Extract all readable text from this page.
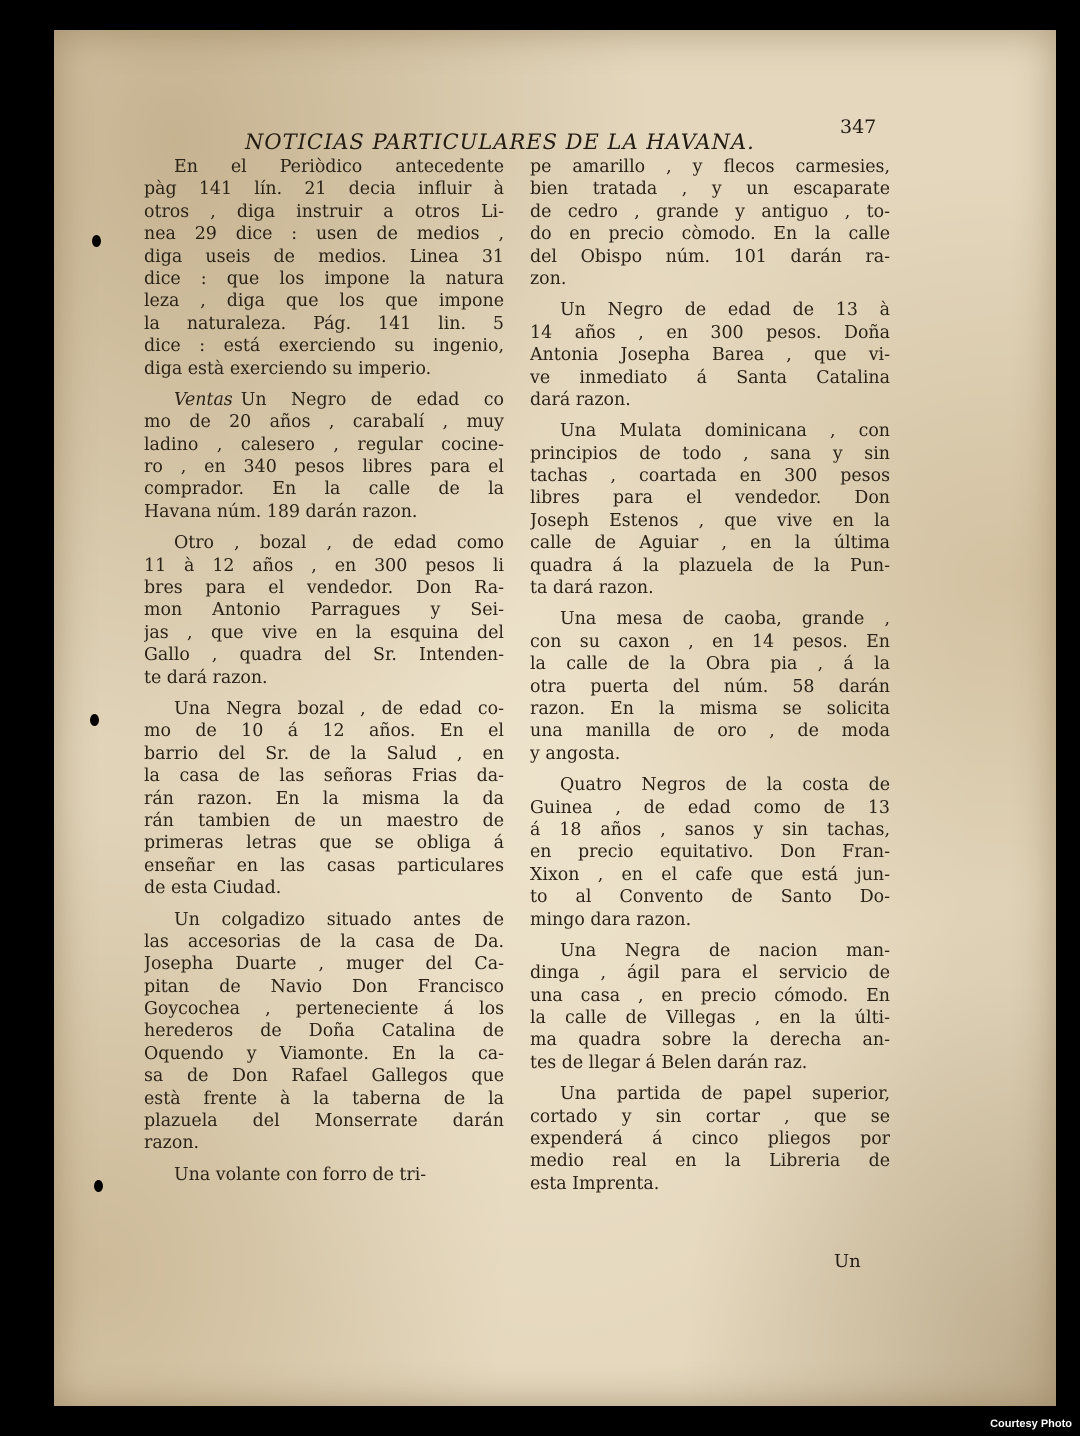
NOTICIAS PARTICULARES DE LA HAVANA.
347
En el Periòdico antecedente
pàg 141 lín. 21 decia influir à
otros , diga instruir a otros Li-
nea 29 dice : usen de medios ,
diga useis de medios. Linea 31
dice : que los impone la natura
leza , diga que los que impone
la naturaleza. Pág. 141 lin. 5
dice : está exerciendo su ingenio,
diga està exerciendo su imperio.
Ventas Un Negro de edad co
mo de 20 años , carabalí , muy
ladino , calesero , regular cocine-
ro , en 340 pesos libres para el
comprador. En la calle de la
Havana núm. 189 darán razon.
Otro , bozal , de edad como
11 à 12 años , en 300 pesos li
bres para el vendedor. Don Ra-
mon Antonio Parragues y Sei-
jas , que vive en la esquina del
Gallo , quadra del Sr. Intenden-
te dará razon.
Una Negra bozal , de edad co-
mo de 10 á 12 años. En el
barrio del Sr. de la Salud , en
la casa de las señoras Frias da-
rán razon. En la misma la da
rán tambien de un maestro de
primeras letras que se obliga á
enseñar en las casas particulares
de esta Ciudad.
Un colgadizo situado antes de
las accesorias de la casa de Da.
Josepha Duarte , muger del Ca-
pitan de Navio Don Francisco
Goycochea , perteneciente á los
herederos de Doña Catalina de
Oquendo y Viamonte. En la ca-
sa de Don Rafael Gallegos que
està frente à la taberna de la
plazuela del Monserrate darán
razon.
Una volante con forro de tri-
pe amarillo , y flecos carmesies,
bien tratada , y un escaparate
de cedro , grande y antiguo , to-
do en precio còmodo. En la calle
del Obispo núm. 101 darán ra-
zon.
Un Negro de edad de 13 à
14 años , en 300 pesos. Doña
Antonia Josepha Barea , que vi-
ve inmediato á Santa Catalina
dará razon.
Una Mulata dominicana , con
principios de todo , sana y sin
tachas , coartada en 300 pesos
libres para el vendedor. Don
Joseph Estenos , que vive en la
calle de Aguiar , en la última
quadra á la plazuela de la Pun-
ta dará razon.
Una mesa de caoba, grande ,
con su caxon , en 14 pesos. En
la calle de la Obra pia , á la
otra puerta del núm. 58 darán
razon. En la misma se solicita
una manilla de oro , de moda
y angosta.
Quatro Negros de la costa de
Guinea , de edad como de 13
á 18 años , sanos y sin tachas,
en precio equitativo. Don Fran-
Xixon , en el cafe que está jun-
to al Convento de Santo Do-
mingo dara razon.
Una Negra de nacion man-
dinga , ágil para el servicio de
una casa , en precio cómodo. En
la calle de Villegas , en la últi-
ma quadra sobre la derecha an-
tes de llegar á Belen darán raz.
Una partida de papel superior,
cortado y sin cortar , que se
expenderá á cinco pliegos por
medio real en la Libreria de
esta Imprenta.
Un
Courtesy Photo
